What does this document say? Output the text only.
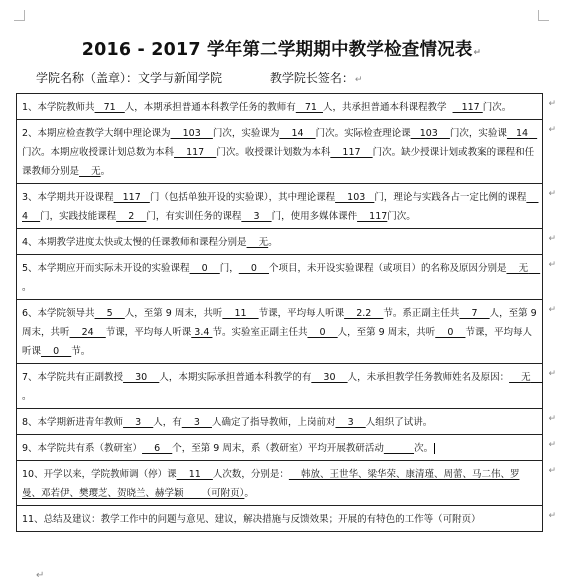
2016 - 2017 学年第二学期期中教学检查情况表↵
学院名称（盖章）：文学与新闻学院	教学院长签名：↵
1、本学院教师共   71   人，本期承担普通本科教学任务的教师有   71  人，共承担普通本科课程教学     117 门次。	↵

2、本期应检查教学大纲中理论课为    103    门次，实验课为    14    门次。实际检查理论课   103    门次，实验课   14   门次。本期应收授课计划总数为本科    117    门次。收授课计划数为本科    117    门次。缺少授课计划或教案的课程和任课教师分别是    无。
↵

3、本学期共开设课程   117   门（包括单独开设的实验课），其中理论课程    103   门，理论与实践各占一定比例的课程    4    门，实践技能课程    2    门，有实训任务的课程    3    门，使用多媒体课件    117门次。
↵

4、本期教学进度太快或太慢的任课教师和课程分别是    无。	↵

5、本学期应开而实际未开设的实验课程    0    门，    0    个项目，未开设实验课程（或项目）的名称及原因分别是    无    。
↵

6、本学院领导共    5    人，至第 9 周末，共听    11    节课，平均每人听课    2.2    节。系正副主任共    7    人，至第 9 周末，共听    24    节课，平均每人听课 3.4 节。实验室正副主任共    0    人，至第 9 周末，共听    0    节课，平均每人听课    0    节。
↵

7、本学院共有正副教授    30    人，本期实际承担普通本科教学的有    30    人，未承担教学任务教师姓名及原因：    无    。
↵

8、本学期新进青年教师    3    人，有    3    人确定了指导教师，上岗前对    3    人组织了试讲。	↵

9、本学院共有系（教研室）    6    个，至第 9 周末，系（教研室）平均开展教研活动	次。	↵

10、开学以来，学院教师调（停）课    11    人次数，分别是：    韩放、王世华、梁华荣、康清瑾、周蕾、马二伟、罗曼、邓若伊、樊璎芝、贺晓兰、赫学颖      （可附页）。
↵

11、总结及建议：教学工作中的问题与意见、建议，解决措施与反馈效果；开展的有特色的工作等（可附页）	↵
↵
